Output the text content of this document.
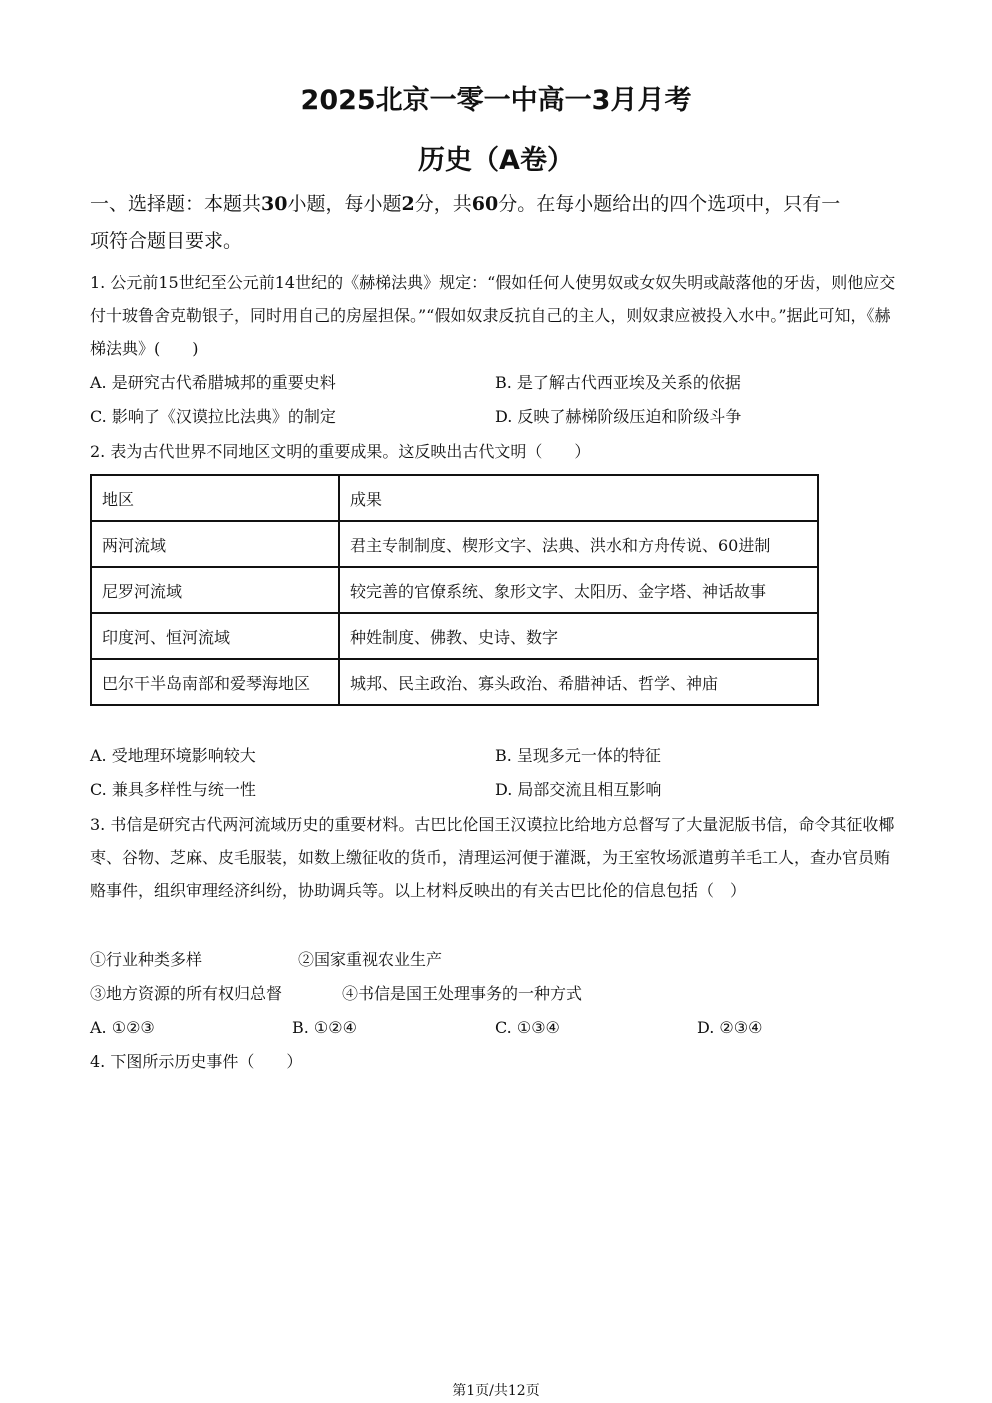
2025北京一零一中高一3月月考
历史（A卷）
一、选择题：本题共30小题，每小题2分，共60分。在每小题给出的四个选项中，只有一
项符合题目要求。

1. 公元前15世纪至公元前14世纪的《赫梯法典》规定：“假如任何人使男奴或女奴失明或敲落他的牙齿，则他应交付十玻鲁舍克勒银子，同时用自己的房屋担保。”“假如奴隶反抗自己的主人，则奴隶应被投入水中。”据此可知，《赫梯法典》(　　)

A. 是研究古代希腊城邦的重要史料	B. 是了解古代西亚埃及关系的依据
C. 影响了《汉谟拉比法典》的制定	D. 反映了赫梯阶级压迫和阶级斗争

2. 表为古代世界不同地区文明的重要成果。这反映出古代文明（　　）

地区	成果
两河流域	君主专制制度、楔形文字、法典、洪水和方舟传说、60进制
尼罗河流域	较完善的官僚系统、象形文字、太阳历、金字塔、神话故事
印度河、恒河流域	种姓制度、佛教、史诗、数字
巴尔干半岛南部和爱琴海地区	城邦、民主政治、寡头政治、希腊神话、哲学、神庙
A. 受地理环境影响较大	B. 呈现多元一体的特征
C. 兼具多样性与统一性	D. 局部交流且相互影响

3. 书信是研究古代两河流域历史的重要材料。古巴比伦国王汉谟拉比给地方总督写了大量泥版书信，命令其征收椰枣、谷物、芝麻、皮毛服装，如数上缴征收的货币，清理运河便于灌溉，为王室牧场派遣剪羊毛工人，查办官员贿赂事件，组织审理经济纠纷，协助调兵等。以上材料反映出的有关古巴比伦的信息包括（　）

①行业种类多样	②国家重视农业生产
③地方资源的所有权归总督	④书信是国王处理事务的一种方式
A. ①②③	B. ①②④	C. ①③④	D. ②③④
4. 下图所示历史事件（　　）
第1页/共12页
